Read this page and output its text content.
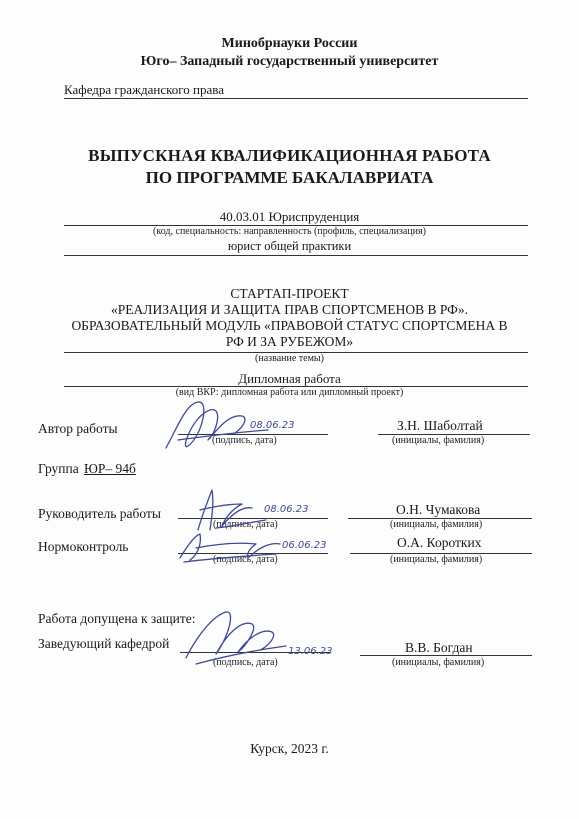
Минобрнауки России
Юго– Западный государственный университет
Кафедра гражданского права
ВЫПУСКНАЯ КВАЛИФИКАЦИОННАЯ РАБОТА
ПО ПРОГРАММЕ БАКАЛАВРИАТА
40.03.01 Юриспруденция
(код, специальность: направленность (профиль, специализация)
юрист общей практики
СТАРТАП-ПРОЕКТ
«РЕАЛИЗАЦИЯ И ЗАЩИТА ПРАВ СПОРТСМЕНОВ В РФ».
ОБРАЗОВАТЕЛЬНЫЙ МОДУЛЬ «ПРАВОВОЙ СТАТУС СПОРТСМЕНА В
РФ И ЗА РУБЕЖОМ»
(название темы)
Дипломная работа
(вид ВКР: дипломная работа или дипломный проект)
Автор работы
(подпись, дата)
З.Н. Шаболтай
(инициалы, фамилия)
08.06.23
Группа ЮР– 94б
Руководитель работы
(подпись, дата)
О.Н. Чумакова
(инициалы, фамилия)
08.06.23
Нормоконтроль
(подпись, дата)
О.А. Коротких
(инициалы, фамилия)
06.06.23
Работа допущена к защите:
Заведующий кафедрой
(подпись, дата)
В.В. Богдан
(инициалы, фамилия)
13.06.23
Курск, 2023 г.
